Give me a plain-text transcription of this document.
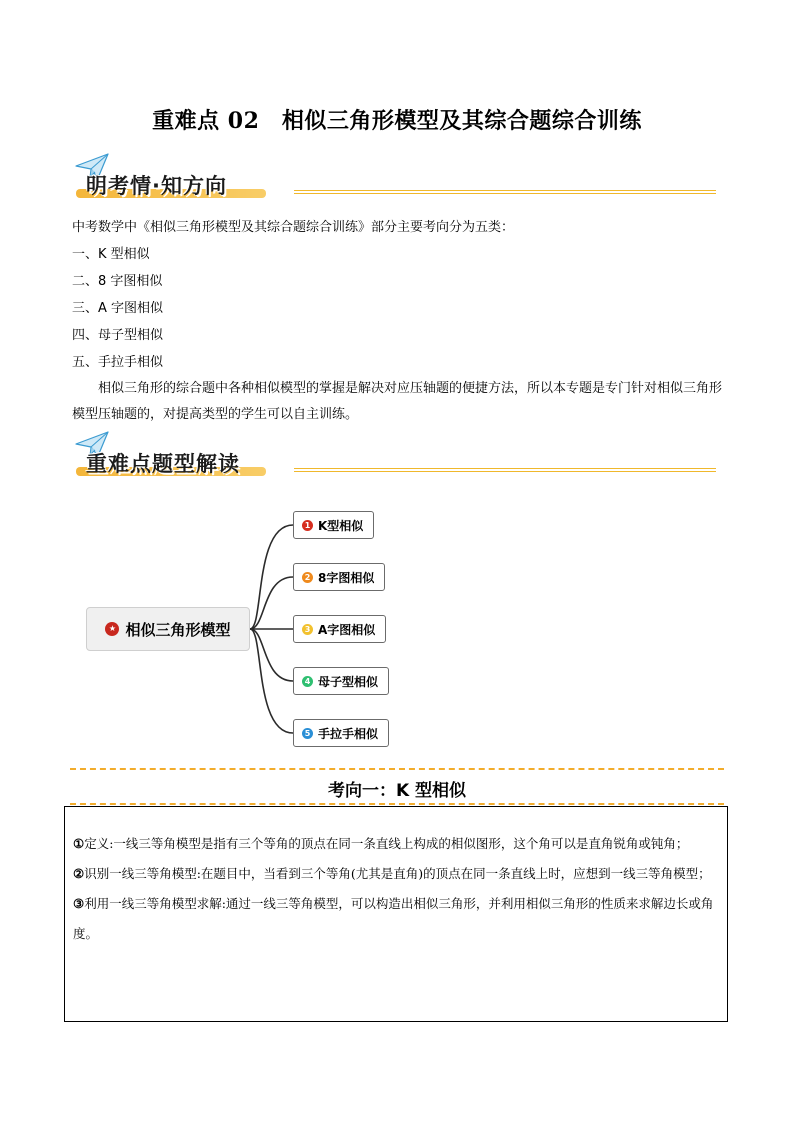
重难点 02　相似三角形模型及其综合题综合训练
明考情·知方向
中考数学中《相似三角形模型及其综合题综合训练》部分主要考向分为五类：
一、K 型相似
二、8 字图相似
三、A 字图相似
四、母子型相似
五、手拉手相似
相似三角形的综合题中各种相似模型的掌握是解决对应压轴题的便捷方法，所以本专题是专门针对相似三角形模型压轴题的，对提高类型的学生可以自主训练。
重难点题型解读
★ 相似三角形模型
1 K型相似
2 8字图相似
3 A字图相似
4 母子型相似
5 手拉手相似
考向一：K 型相似
①定义:一线三等角模型是指有三个等角的顶点在同一条直线上构成的相似图形，这个角可以是直角锐角或钝角；
②识别一线三等角模型:在题目中，当看到三个等角(尤其是直角)的顶点在同一条直线上时，应想到一线三等角模型；
③利用一线三等角模型求解:通过一线三等角模型，可以构造出相似三角形，并利用相似三角形的性质来求解边长或角度。
